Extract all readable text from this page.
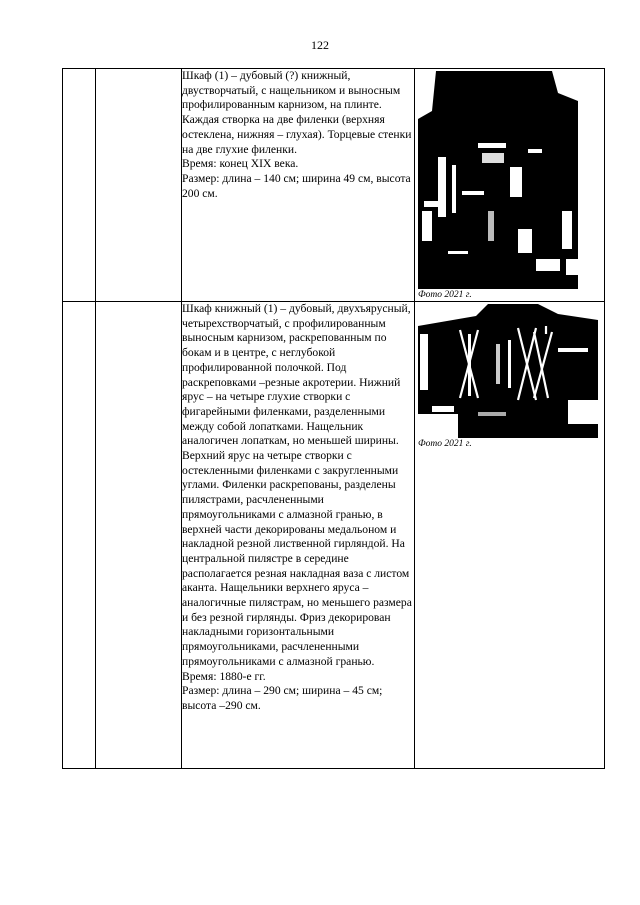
122

		Шкаф (1) – дубовый (?) книжный, двустворчатый, с нащельником и выносным профилированным карнизом, на плинте. Каждая створка на две филенки (верхняя остеклена, нижняя – глухая). Торцевые стенки на две глухие филенки.

Время: конец XIX века.

Размер: длина – 140 см; ширина 49 см, высота 200 см.	Фото 2021 г.

		Шкаф книжный (1) – дубовый, двухъярусный, четырехстворчатый, с профилированным выносным карнизом, раскрепованным по бокам и в центре, с неглубокой профилированной полочкой. Под раскреповками –резные акротерии. Нижний ярус – на четыре глухие створки с фигарейными филенками, разделенными между собой лопатками. Нащельник аналогичен лопаткам, но меньшей ширины. Верхний ярус на четыре створки с остекленными филенками с закругленными углами. Филенки раскрепованы, разделены пилястрами, расчлененными прямоугольниками с алмазной гранью, в верхней части декорированы медальоном и накладной резной лиственной гирляндой. На центральной пилястре в середине располагается резная накладная ваза с листом аканта. Нащельники верхнего яруса – аналогичные пилястрам, но меньшего размера и без резной гирлянды. Фриз декорирован накладными горизонтальными прямоугольниками, расчлененными прямоугольниками с алмазной гранью.

Время: 1880-е гг.

Размер: длина – 290 см; ширина – 45 см; высота –290 см.	Фото 2021 г.
